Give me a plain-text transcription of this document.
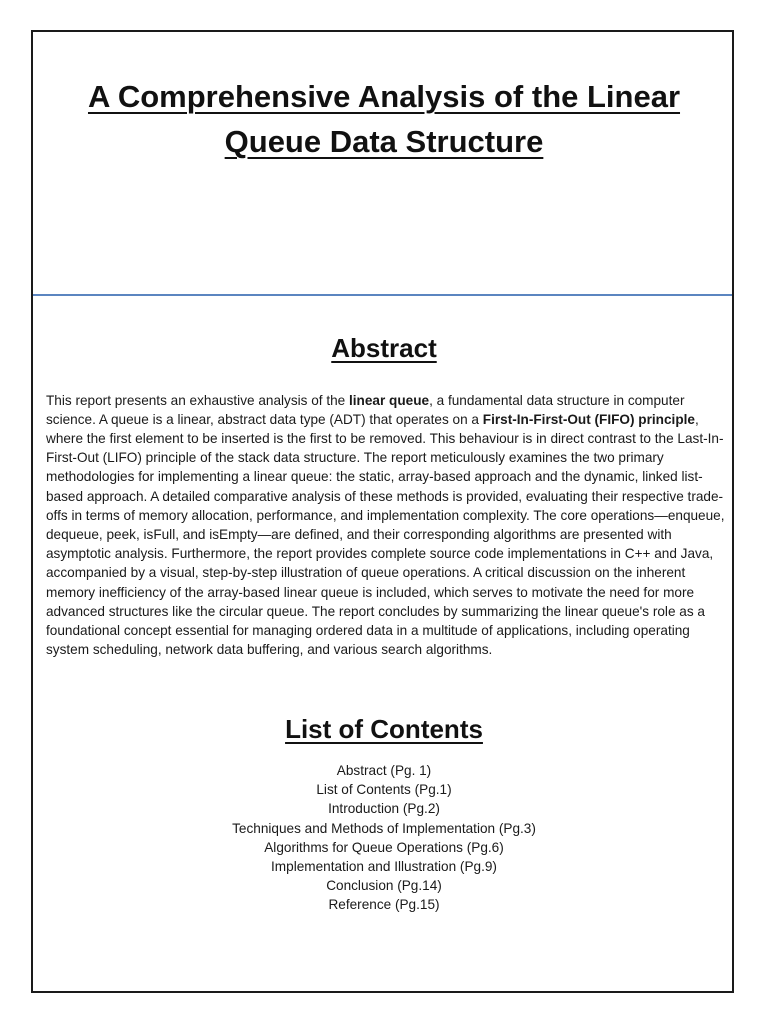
A Comprehensive Analysis of the Linear
Queue Data Structure
Abstract

This report presents an exhaustive analysis of the linear queue, a fundamental data structure in computer science. A queue is a linear, abstract data type (ADT) that operates on a First-In-First-Out (FIFO) principle, where the first element to be inserted is the first to be removed. This behaviour is in direct contrast to the Last-In-First-Out (LIFO) principle of the stack data structure. The report meticulously examines the two primary methodologies for implementing a linear queue: the static, array-based approach and the dynamic, linked list-based approach. A detailed comparative analysis of these methods is provided, evaluating their respective trade-offs in terms of memory allocation, performance, and implementation complexity. The core operations—enqueue, dequeue, peek, isFull, and isEmpty—are defined, and their corresponding algorithms are presented with asymptotic analysis. Furthermore, the report provides complete source code implementations in C++ and Java, accompanied by a visual, step-by-step illustration of queue operations. A critical discussion on the inherent memory inefficiency of the array-based linear queue is included, which serves to motivate the need for more advanced structures like the circular queue. The report concludes by summarizing the linear queue's role as a foundational concept essential for managing ordered data in a multitude of applications, including operating system scheduling, network data buffering, and various search algorithms.

List of Contents
Abstract (Pg. 1)
List of Contents (Pg.1)
Introduction (Pg.2)
Techniques and Methods of Implementation (Pg.3)
Algorithms for Queue Operations (Pg.6)
Implementation and Illustration (Pg.9)
Conclusion (Pg.14)
Reference (Pg.15)
